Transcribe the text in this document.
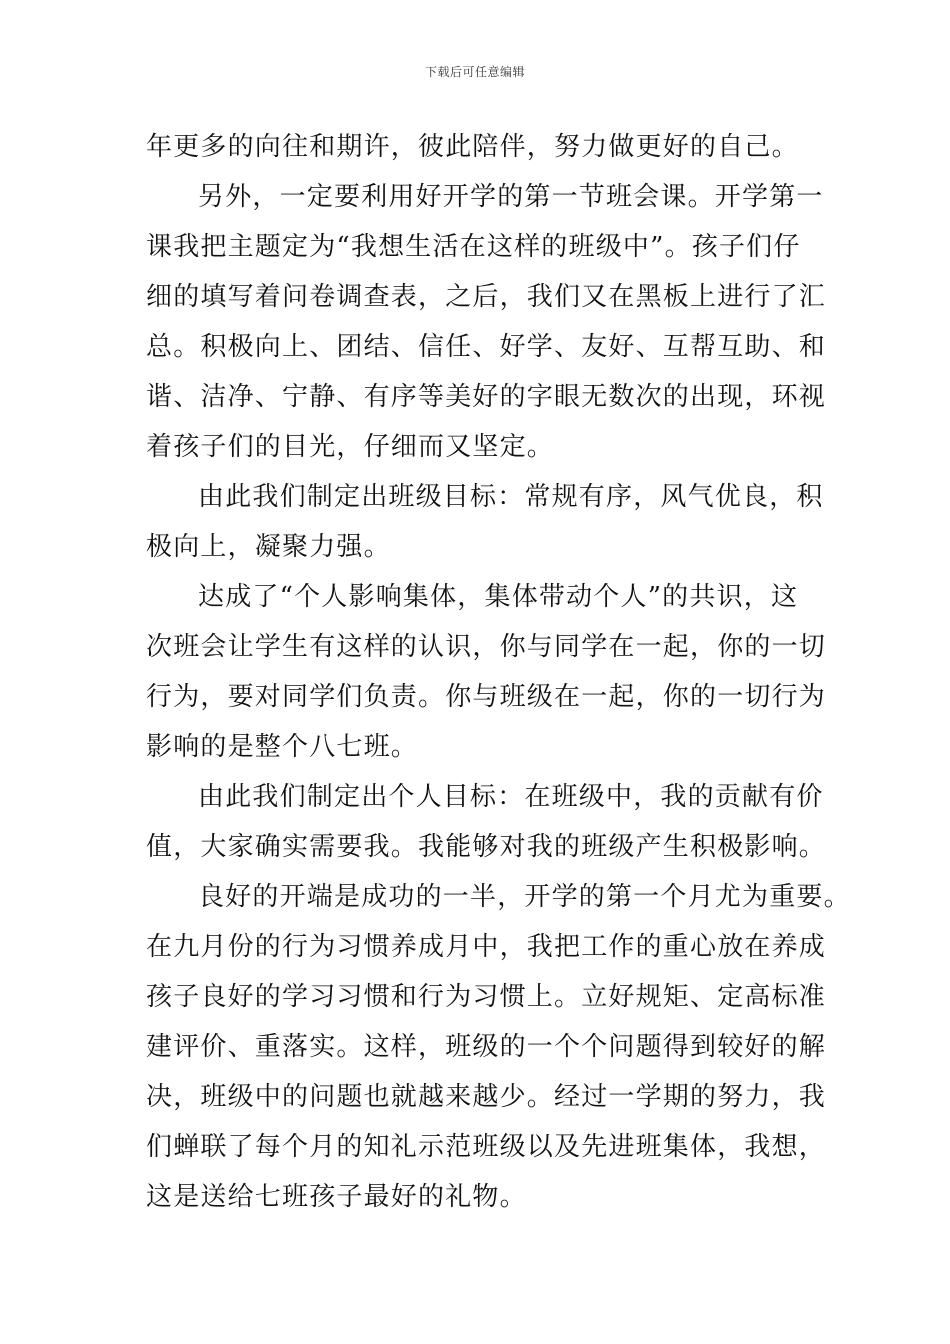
下载后可任意编辑
年更多的向往和期许，彼此陪伴，努力做更好的自己。
另外，一定要利用好开学的第一节班会课。开学第一
课我把主题定为“我想生活在这样的班级中”。孩子们仔
细的填写着问卷调查表，之后，我们又在黑板上进行了汇
总。积极向上、团结、信任、好学、友好、互帮互助、和
谐、洁净、宁静、有序等美好的字眼无数次的出现，环视
着孩子们的目光，仔细而又坚定。
由此我们制定出班级目标：常规有序，风气优良，积
极向上，凝聚力强。
达成了“个人影响集体，集体带动个人”的共识，这
次班会让学生有这样的认识，你与同学在一起，你的一切
行为，要对同学们负责。你与班级在一起，你的一切行为
影响的是整个八七班。
由此我们制定出个人目标：在班级中，我的贡献有价
值，大家确实需要我。我能够对我的班级产生积极影响。
良好的开端是成功的一半，开学的第一个月尤为重要。
在九月份的行为习惯养成月中，我把工作的重心放在养成
孩子良好的学习习惯和行为习惯上。立好规矩、定高标准
建评价、重落实。这样，班级的一个个问题得到较好的解
决，班级中的问题也就越来越少。经过一学期的努力，我
们蝉联了每个月的知礼示范班级以及先进班集体，我想，
这是送给七班孩子最好的礼物。
